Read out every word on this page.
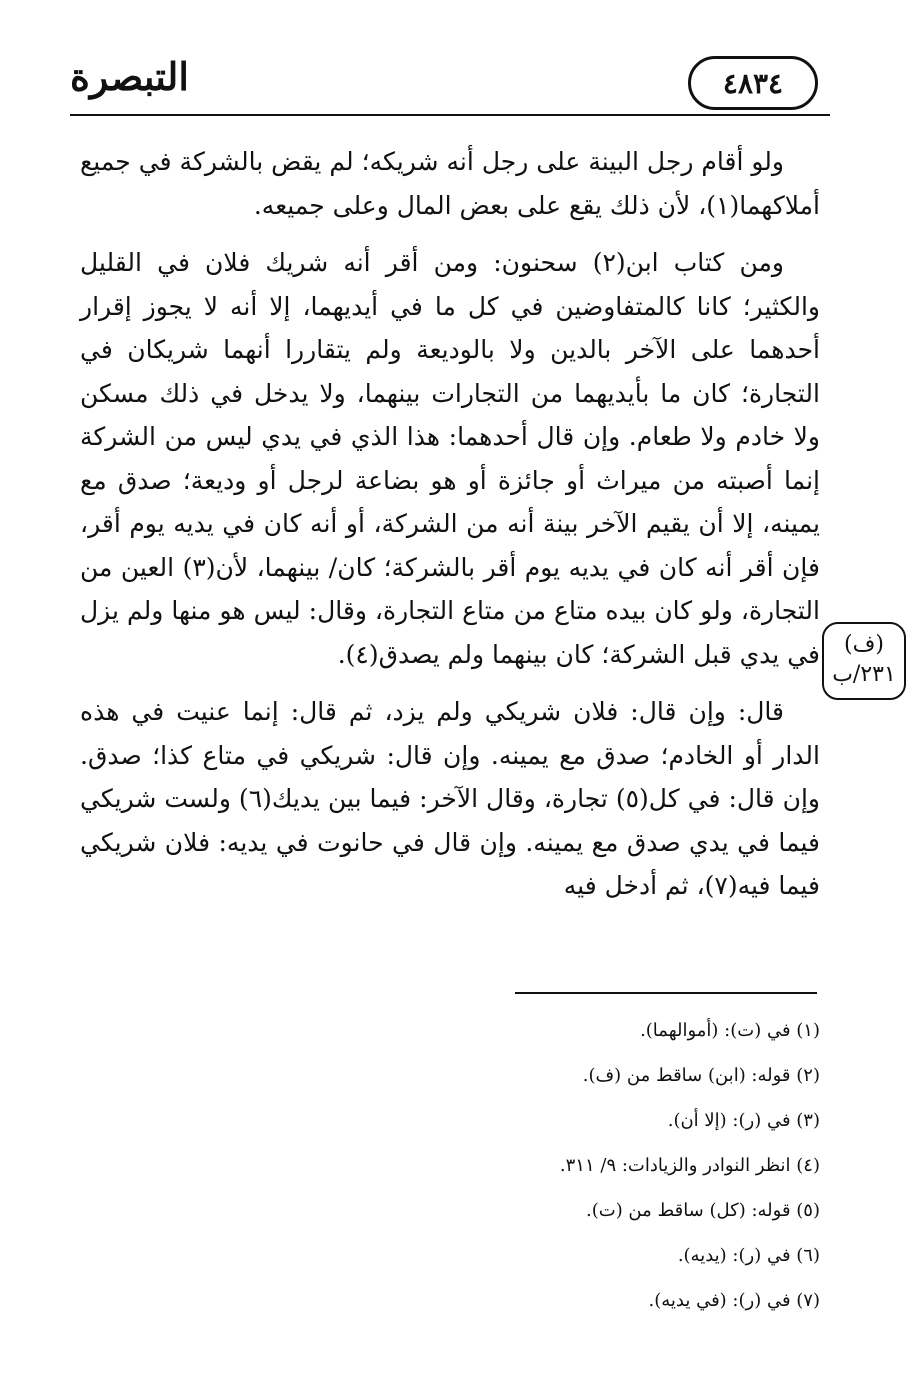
التبصرة	٤٨٣٤

ولو أقام رجل البينة على رجل أنه شريكه؛ لم يقض بالشركة في جميع أملاكهما(١)، لأن ذلك يقع على بعض المال وعلى جميعه.

ومن كتاب ابن(٢) سحنون: ومن أقر أنه شريك فلان في القليل والكثير؛ كانا كالمتفاوضين في كل ما في أيديهما، إلا أنه لا يجوز إقرار أحدهما على الآخر بالدين ولا بالوديعة ولم يتقاررا أنهما شريكان في التجارة؛ كان ما بأيديهما من التجارات بينهما، ولا يدخل في ذلك مسكن ولا خادم ولا طعام. وإن قال أحدهما: هذا الذي في يدي ليس من الشركة إنما أصبته من ميراث أو جائزة أو هو بضاعة لرجل أو وديعة؛ صدق مع يمينه، إلا أن يقيم الآخر بينة أنه من الشركة، أو أنه كان في يديه يوم أقر، فإن أقر أنه كان في يديه يوم أقر بالشركة؛ كان/ بينهما، لأن(٣) العين من التجارة، ولو كان بيده متاع من متاع التجارة، وقال: ليس هو منها ولم يزل في يدي قبل الشركة؛ كان بينهما ولم يصدق(٤).

قال: وإن قال: فلان شريكي ولم يزد، ثم قال: إنما عنيت في هذه الدار أو الخادم؛ صدق مع يمينه. وإن قال: شريكي في متاع كذا؛ صدق. وإن قال: في كل(٥) تجارة، وقال الآخر: فيما بين يديك(٦) ولست شريكي فيما في يدي صدق مع يمينه. وإن قال في حانوت في يديه: فلان شريكي فيما فيه(٧)، ثم أدخل فيه

(ف)
٢٣١/ب
(١) في (ت): (أموالهما).
(٢) قوله: (ابن) ساقط من (ف).
(٣) في (ر): (إلا أن).
(٤) انظر النوادر والزيادات: ٩/ ٣١١.
(٥) قوله: (كل) ساقط من (ت).
(٦) في (ر): (يديه).
(٧) في (ر): (في يديه).
